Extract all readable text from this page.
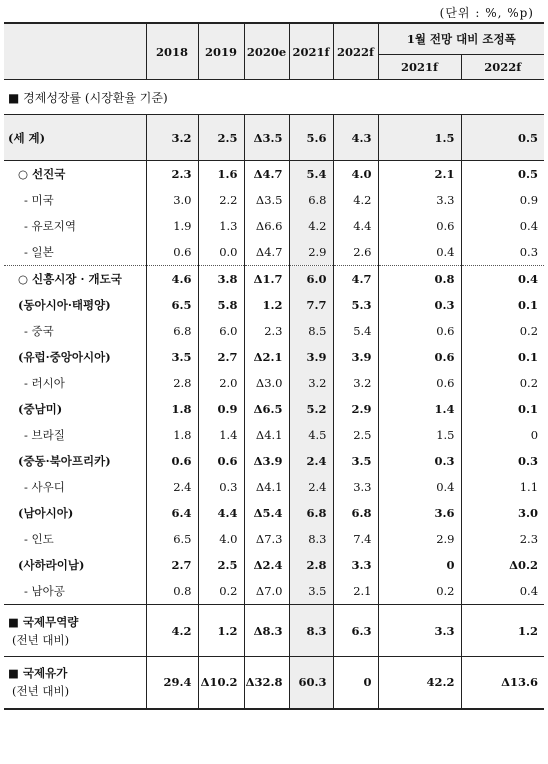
(단위 : %, %p)
	2018	2019	2020e	2021f	2022f	1월 전망 대비 조정폭	
						2021f	2022f
■ 경제성장률 (시장환율 기준)							
(세 계)	3.2	2.5	Δ3.5	5.6	4.3	1.5	0.5
○ 선진국	2.3	1.6	Δ4.7	5.4	4.0	2.1	0.5
- 미국	3.0	2.2	Δ3.5	6.8	4.2	3.3	0.9
- 유로지역	1.9	1.3	Δ6.6	4.2	4.4	0.6	0.4
- 일본	0.6	0.0	Δ4.7	2.9	2.6	0.4	0.3
○ 신흥시장 · 개도국	4.6	3.8	Δ1.7	6.0	4.7	0.8	0.4
(동아시아·태평양)	6.5	5.8	1.2	7.7	5.3	0.3	0.1
- 중국	6.8	6.0	2.3	8.5	5.4	0.6	0.2
(유럽·중앙아시아)	3.5	2.7	Δ2.1	3.9	3.9	0.6	0.1
- 러시아	2.8	2.0	Δ3.0	3.2	3.2	0.6	0.2
(중남미)	1.8	0.9	Δ6.5	5.2	2.9	1.4	0.1
- 브라질	1.8	1.4	Δ4.1	4.5	2.5	1.5	0
(중동·북아프리카)	0.6	0.6	Δ3.9	2.4	3.5	0.3	0.3
- 사우디	2.4	0.3	Δ4.1	2.4	3.3	0.4	1.1
(남아시아)	6.4	4.4	Δ5.4	6.8	6.8	3.6	3.0
- 인도	6.5	4.0	Δ7.3	8.3	7.4	2.9	2.3
(사하라이남)	2.7	2.5	Δ2.4	2.8	3.3	0	Δ0.2
- 남아공	0.8	0.2	Δ7.0	3.5	2.1	0.2	0.4

■ 국제무역량
(전년 대비)	4.2	1.2	Δ8.3	8.3	6.3	3.3	1.2

■ 국제유가
(전년 대비)	29.4	Δ10.2	Δ32.8	60.3	0	42.2	Δ13.6
